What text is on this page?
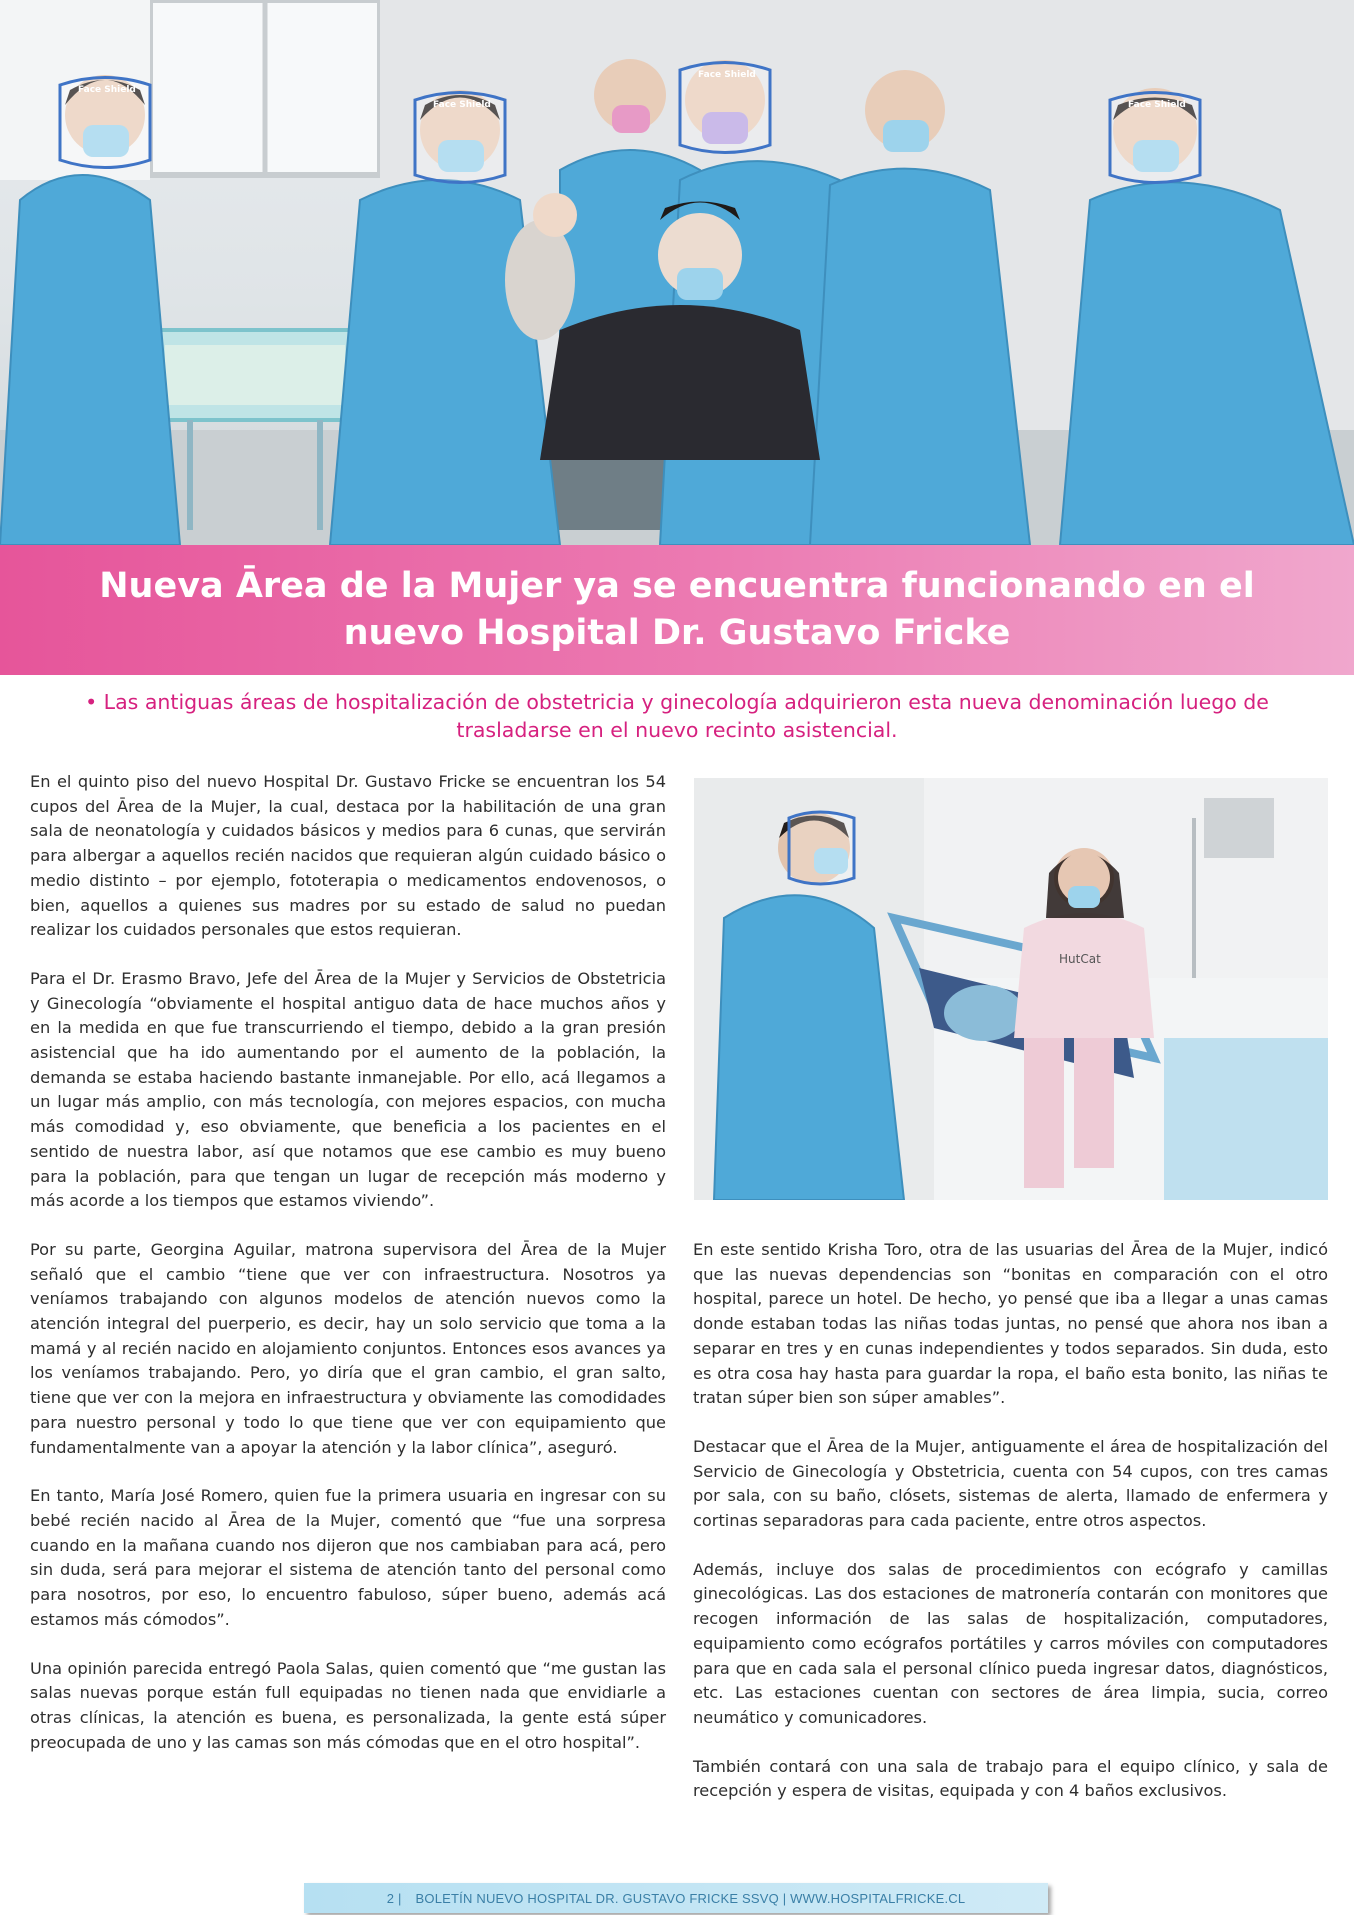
Face Shield
Face Shield
Face Shield
Face Shield
Nueva Ārea de la Mujer ya se encuentra funcionando en el nuevo Hospital Dr. Gustavo Fricke
• Las antiguas áreas de hospitalización de obstetricia y ginecología adquirieron esta nueva denominación luego de trasladarse en el nuevo recinto asistencial.

En el quinto piso del nuevo Hospital Dr. Gustavo Fricke se encuentran los 54 cupos del Ārea de la Mujer, la cual, destaca por la habilitación de una gran sala de neonatología y cuidados básicos y medios para 6 cunas, que servirán para albergar a aquellos recién nacidos que requieran algún cuidado básico o medio distinto – por ejemplo, fototerapia o medicamentos endovenosos, o bien, aquellos a quienes sus madres por su estado de salud no puedan realizar los cuidados personales que estos requieran.

Para el Dr. Erasmo Bravo, Jefe del Ārea de la Mujer y Servicios de Obstetricia y Ginecología “obviamente el hospital antiguo data de hace muchos años y en la medida en que fue transcurriendo el tiempo, debido a la gran presión asistencial que ha ido aumentando por el aumento de la población, la demanda se estaba haciendo bastante inmanejable. Por ello, acá llegamos a un lugar más amplio, con más tecnología, con mejores espacios, con mucha más comodidad y, eso obviamente, que beneficia a los pacientes en el sentido de nuestra labor, así que notamos que ese cambio es muy bueno para la población, para que tengan un lugar de recepción más moderno y más acorde a los tiempos que estamos viviendo”.

Por su parte, Georgina Aguilar, matrona supervisora del Ārea de la Mujer señaló que el cambio “tiene que ver con infraestructura. Nosotros ya veníamos trabajando con algunos modelos de atención nuevos como la atención integral del puerperio, es decir, hay un solo servicio que toma a la mamá y al recién nacido en alojamiento conjuntos. Entonces esos avances ya los veníamos trabajando. Pero, yo diría que el gran cambio, el gran salto, tiene que ver con la mejora en infraestructura y obviamente las comodidades para nuestro personal y todo lo que tiene que ver con equipamiento que fundamentalmente van a apoyar la atención y la labor clínica”, aseguró.

En tanto, María José Romero, quien fue la primera usuaria en ingresar con su bebé recién nacido al Ārea de la Mujer, comentó que “fue una sorpresa cuando en la mañana cuando nos dijeron que nos cambiaban para acá, pero sin duda, será para mejorar el sistema de atención tanto del personal como para nosotros, por eso, lo encuentro fabuloso, súper bueno, además acá estamos más cómodos”.

Una opinión parecida entregó Paola Salas, quien comentó que “me gustan las salas nuevas porque están full equipadas no tienen nada que envidiarle a otras clínicas, la atención es buena, es personalizada, la gente está súper preocupada de uno y las camas son más cómodas que en el otro hospital”.

HutCat

En este sentido Krisha Toro, otra de las usuarias del Ārea de la Mujer, indicó que las nuevas dependencias son “bonitas en comparación con el otro hospital, parece un hotel. De hecho, yo pensé que iba a llegar a unas camas donde estaban todas las niñas todas juntas, no pensé que ahora nos iban a separar en tres y en cunas independientes y todos separados. Sin duda, esto es otra cosa hay hasta para guardar la ropa, el baño esta bonito, las niñas te tratan súper bien son súper amables”.

Destacar que el Ārea de la Mujer, antiguamente el área de hospitalización del Servicio de Ginecología y Obstetricia, cuenta con 54 cupos, con tres camas por sala, con su baño, clósets, sistemas de alerta, llamado de enfermera y cortinas separadoras para cada paciente, entre otros aspectos.

Además, incluye dos salas de procedimientos con ecógrafo y camillas ginecológicas. Las dos estaciones de matronería contarán con monitores que recogen información de las salas de hospitalización, computadores, equipamiento como ecógrafos portátiles y carros móviles con computadores para que en cada sala el personal clínico pueda ingresar datos, diagnósticos, etc. Las estaciones cuentan con sectores de área limpia, sucia, correo neumático y comunicadores.

También contará con una sala de trabajo para el equipo clínico, y sala de recepción y espera de visitas, equipada y con 4 baños exclusivos.

2 | BOLETÍN NUEVO HOSPITAL DR. GUSTAVO FRICKE SSVQ | WWW.HOSPITALFRICKE.CL
